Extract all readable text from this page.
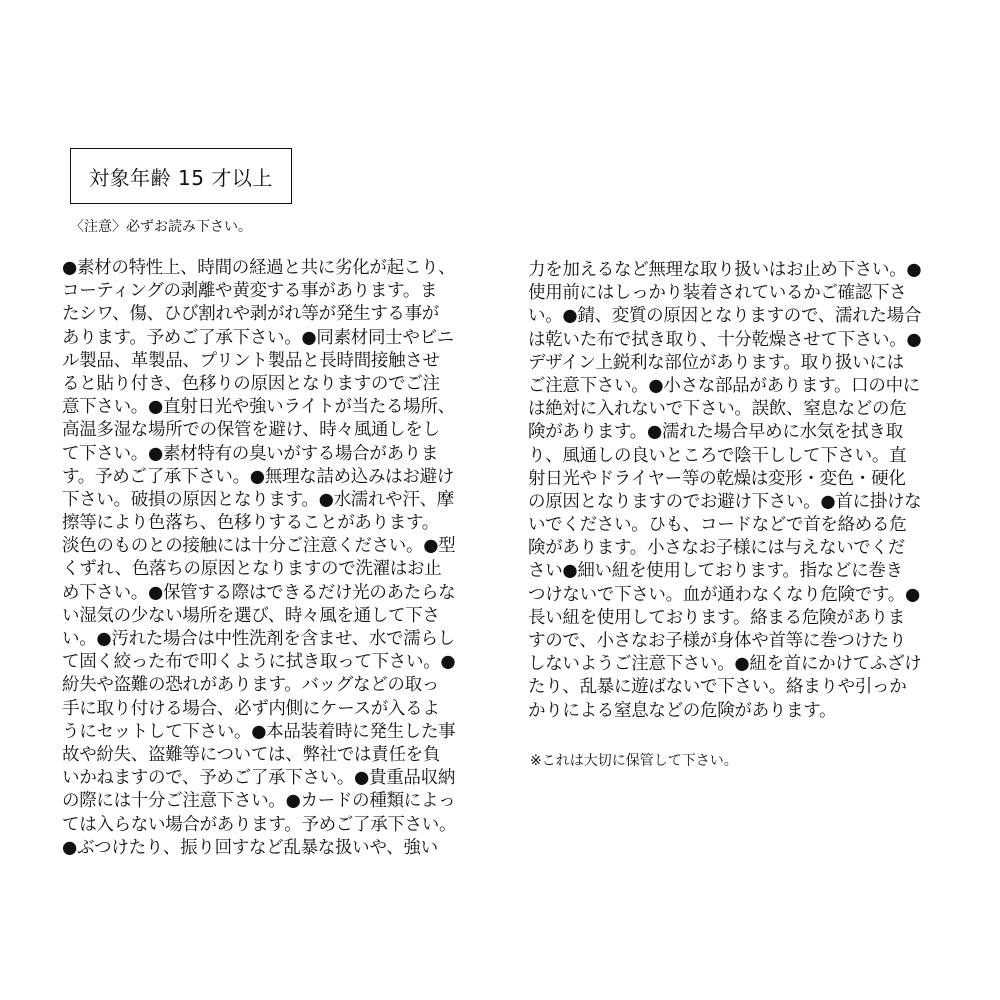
対象年齢 15 才以上
〈注意〉必ずお読み下さい。
●素材の特性上、時間の経過と共に劣化が起こり、
コーティングの剥離や黄変する事があります。ま
たシワ、傷、ひび割れや剥がれ等が発生する事が
あります。予めご了承下さい。●同素材同士やビニ
ル製品、革製品、プリント製品と長時間接触させ
ると貼り付き、色移りの原因となりますのでご注
意下さい。●直射日光や強いライトが当たる場所、
高温多湿な場所での保管を避け、時々風通しをし
て下さい。●素材特有の臭いがする場合がありま
す。予めご了承下さい。●無理な詰め込みはお避け
下さい。破損の原因となります。●水濡れや汗、摩
擦等により色落ち、色移りすることがあります。
淡色のものとの接触には十分ご注意ください。●型
くずれ、色落ちの原因となりますので洗濯はお止
め下さい。●保管する際はできるだけ光のあたらな
い湿気の少ない場所を選び、時々風を通して下さ
い。●汚れた場合は中性洗剤を含ませ、水で濡らし
て固く絞った布で叩くように拭き取って下さい。●
紛失や盗難の恐れがあります。バッグなどの取っ
手に取り付ける場合、必ず内側にケースが入るよ
うにセットして下さい。●本品装着時に発生した事
故や紛失、盗難等については、弊社では責任を負
いかねますので、予めご了承下さい。●貴重品収納
の際には十分ご注意下さい。●カードの種類によっ
ては入らない場合があります。予めご了承下さい。
●ぶつけたり、振り回すなど乱暴な扱いや、強い
力を加えるなど無理な取り扱いはお止め下さい。●
使用前にはしっかり装着されているかご確認下さ
い。●錆、変質の原因となりますので、濡れた場合
は乾いた布で拭き取り、十分乾燥させて下さい。●
デザイン上鋭利な部位があります。取り扱いには
ご注意下さい。●小さな部品があります。口の中に
は絶対に入れないで下さい。誤飲、窒息などの危
険があります。●濡れた場合早めに水気を拭き取
り、風通しの良いところで陰干しして下さい。直
射日光やドライヤー等の乾燥は変形・変色・硬化
の原因となりますのでお避け下さい。●首に掛けな
いでください。ひも、コードなどで首を絡める危
険があります。小さなお子様には与えないでくだ
さい●細い紐を使用しております。指などに巻き
つけないで下さい。血が通わなくなり危険です。●
長い紐を使用しております。絡まる危険がありま
すので、小さなお子様が身体や首等に巻つけたり
しないようご注意下さい。●紐を首にかけてふざけ
たり、乱暴に遊ばないで下さい。絡まりや引っか
かりによる窒息などの危険があります。
※これは大切に保管して下さい。
